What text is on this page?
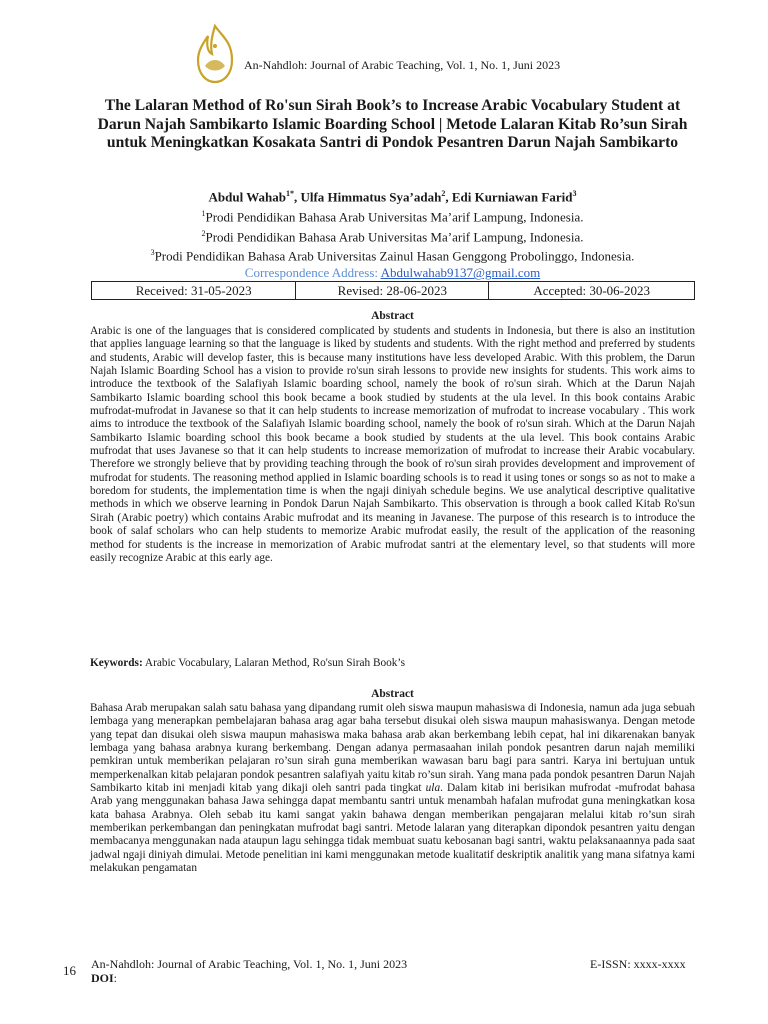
An-Nahdloh: Journal of Arabic Teaching, Vol. 1, No. 1, Juni 2023
The Lalaran Method of Ro'sun Sirah Book’s to Increase Arabic Vocabulary Student at Darun Najah Sambikarto Islamic Boarding School | Metode Lalaran Kitab Ro’sun Sirah untuk Meningkatkan Kosakata Santri di Pondok Pesantren Darun Najah Sambikarto
Abdul Wahab$^{1*}$, Ulfa Himmatus Sya’adah$^2$, Edi Kurniawan Farid$^3$
$^1$Prodi Pendidikan Bahasa Arab Universitas Ma’arif Lampung, Indonesia.
$^2$Prodi Pendidikan Bahasa Arab Universitas Ma’arif Lampung, Indonesia.
$^3$Prodi Pendidikan Bahasa Arab Universitas Zainul Hasan Genggong Probolinggo, Indonesia.
Correspondence Address: Abdulwahab9137@gmail.com
Received: 31-05-2023	Revised: 28-06-2023	Accepted: 30-06-2023
Abstract
Arabic is one of the languages that is considered complicated by students and students in Indonesia, but there is also an institution that applies language learning so that the language is liked by students and students. With the right method and preferred by students and students, Arabic will develop faster, this is because many institutions have less developed Arabic. With this problem, the Darun Najah Islamic Boarding School has a vision to provide ro'sun sirah lessons to provide new insights for students. This work aims to introduce the textbook of the Salafiyah Islamic boarding school, namely the book of ro'sun sirah. Which at the Darun Najah Sambikarto Islamic boarding school this book became a book studied by students at the ula level. In this book contains Arabic mufrodat-mufrodat in Javanese so that it can help students to increase memorization of mufrodat to increase vocabulary . This work aims to introduce the textbook of the Salafiyah Islamic boarding school, namely the book of ro'sun sirah. Which at the Darun Najah Sambikarto Islamic boarding school this book became a book studied by students at the ula level. This book contains Arabic mufrodat that uses Javanese so that it can help students to increase memorization of mufrodat to increase their Arabic vocabulary. Therefore we strongly believe that by providing teaching through the book of ro'sun sirah provides development and improvement of mufrodat for students. The reasoning method applied in Islamic boarding schools is to read it using tones or songs so as not to make a boredom for students, the implementation time is when the ngaji diniyah schedule begins. We use analytical descriptive qualitative methods in which we observe learning in Pondok Darun Najah Sambikarto. This observation is through a book called Kitab Ro'sun Sirah (Arabic poetry) which contains Arabic mufrodat and its meaning in Javanese. The purpose of this research is to introduce the book of salaf scholars who can help students to memorize Arabic mufrodat easily, the result of the application of the reasoning method for students is the increase in memorization of Arabic mufrodat santri at the elementary level, so that students will more easily recognize Arabic at this early age.
Keywords: Arabic Vocabulary, Lalaran Method, Ro'sun Sirah Book’s
Abstract
Bahasa Arab merupakan salah satu bahasa yang dipandang rumit oleh siswa maupun mahasiswa di Indonesia, namun ada juga sebuah lembaga yang menerapkan pembelajaran bahasa arag agar baha tersebut disukai oleh siswa maupun mahasiswanya. Dengan metode yang tepat dan disukai oleh siswa maupun mahasiswa maka bahasa arab akan berkembang lebih cepat, hal ini dikarenakan banyak lembaga yang bahasa arabnya kurang berkembang. Dengan adanya permasaahan inilah pondok pesantren darun najah memiliki pemkiran untuk memberikan pelajaran ro’sun sirah guna memberikan wawasan baru bagi para santri. Karya ini bertujuan untuk memperkenalkan kitab pelajaran pondok pesantren salafiyah yaitu kitab ro’sun sirah. Yang mana pada pondok pesantren Darun Najah Sambikarto kitab ini menjadi kitab yang dikaji oleh santri pada tingkat ula. Dalam kitab ini berisikan mufrodat -mufrodat bahasa Arab yang menggunakan bahasa Jawa sehingga dapat membantu santri untuk menambah hafalan mufrodat guna meningkatkan kosa kata bahasa Arabnya. Oleh sebab itu kami sangat yakin bahawa dengan memberikan pengajaran melalui kitab ro’sun sirah memberikan perkembangan dan peningkatan mufrodat bagi santri. Metode lalaran yang diterapkan dipondok pesantren yaitu dengan membacanya menggunakan nada ataupun lagu sehingga tidak membuat suatu kebosanan bagi santri, waktu pelaksanaannya pada saat jadwal ngaji diniyah dimulai. Metode penelitian ini kami menggunakan metode kualitatif deskriptik analitik yang mana sifatnya kami melakukan pengamatan
16 An-Nahdloh: Journal of Arabic Teaching, Vol. 1, No. 1, Juni 2023
DOI:
E-ISSN: xxxx-xxxx
